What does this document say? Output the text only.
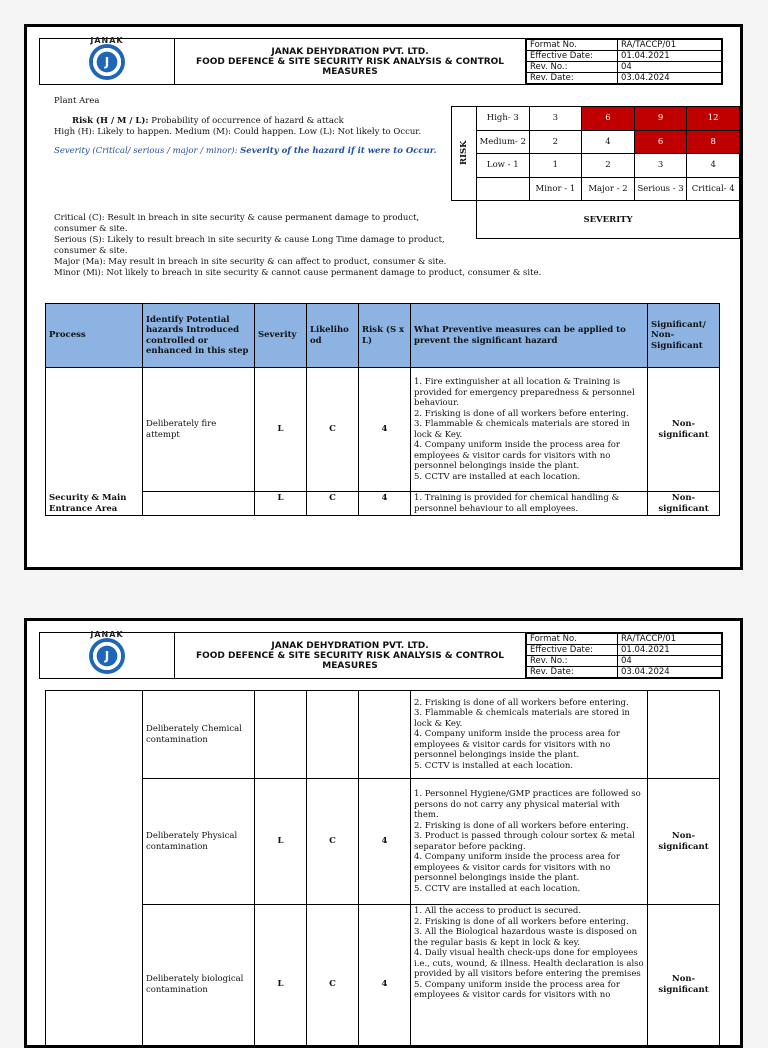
JANAK
J

JANAK DEHYDRATION PVT. LTD.
FOOD DEFENCE & SITE SECURITY RISK ANALYSIS & CONTROL
MEASURES

Format No.	RA/TACCP/01
Effective Date:	01.04.2021
Rev. No.:	04
Rev. Date:	03.04.2024

Plant Area

Risk (H / M / L): Probability of occurrence of hazard & attack

High (H): Likely to happen. Medium (M): Could happen. Low (L): Not likely to Occur.

Severity (Critical/ serious / major / minor): Severity of the hazard if it were to Occur.

Critical (C): Result in breach in site security & cause permanent damage to product, consumer & site.

Serious (S): Likely to result breach in site security & cause Long Time damage to product, consumer & site.

Major (Ma): May result in breach in site security & can affect to product, consumer & site.

Minor (Mi): Not likely to breach in site security & cannot cause permanent damage to product, consumer & site.

RISK	High- 3	3	6	9	12
	Medium- 2	2	4	6	8
	Low - 1	1	2	3	4
		Minor - 1	Major - 2	Serious - 3	Critical- 4
	SEVERITY				
Process	Identify Potential hazards Introduced controlled or enhanced in this step	Severity	Likeliho od	Risk (S x L)	What Preventive measures can be applied to prevent the significant hazard	Significant/ Non- Significant
Security & Main Entrance Area	Deliberately fire attempt	L	C	4	1. Fire extinguisher at all location & Training is provided for emergency preparedness & personnel behaviour.
2. Frisking is done of all workers before entering.
3. Flammable & chemicals materials are stored in lock & Key.
4. Company uniform inside the process area for employees & visitor cards for visitors with no personnel belongings inside the plant.
5. CCTV are installed at each location.	Non-significant
		L	C	4	1. Training is provided for chemical handling & personnel behaviour to all employees.	Non-significant
JANAK
J

JANAK DEHYDRATION PVT. LTD.
FOOD DEFENCE & SITE SECURITY RISK ANALYSIS & CONTROL
MEASURES

Format No.	RA/TACCP/01
Effective Date:	01.04.2021
Rev. No.:	04
Rev. Date:	03.04.2024
	Deliberately Chemical contamination				2. Frisking is done of all workers before entering.
3. Flammable & chemicals materials are stored in lock & Key.
4. Company uniform inside the process area for employees & visitor cards for visitors with no personnel belongings inside the plant.
5. CCTV is installed at each location.	
	Deliberately Physical contamination	L	C	4	1. Personnel Hygiene/GMP practices are followed so persons do not carry any physical material with them.
2. Frisking is done of all workers before entering.
3. Product is passed through colour sortex & metal separator before packing.
4. Company uniform inside the process area for employees & visitor cards for visitors with no personnel belongings inside the plant.
5. CCTV are installed at each location.	Non-significant
	Deliberately biological contamination	L	C	4	1. All the access to product is secured.
2. Frisking is done of all workers before entering.
3. All the Biological hazardous waste is disposed on the regular basis & kept in lock & key.
4. Daily visual health check-ups done for employees i.e., cuts, wound, & illness. Health declaration is also provided by all visitors before entering the premises
5. Company uniform inside the process area for employees & visitor cards for visitors with no	Non-significant
